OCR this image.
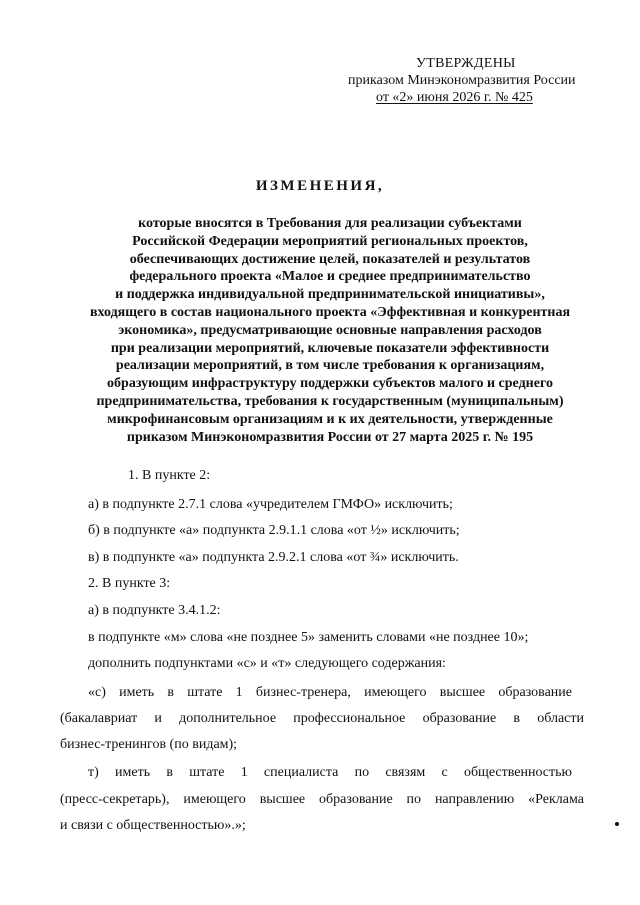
УТВЕРЖДЕНЫ
приказом Минэкономразвития России
от «2» июня 2026 г. № 425
ИЗМЕНЕНИЯ,
которые вносятся в Требования для реализации субъектами
Российской Федерации мероприятий региональных проектов,
обеспечивающих достижение целей, показателей и результатов
федерального проекта «Малое и среднее предпринимательство
и поддержка индивидуальной предпринимательской инициативы»,
входящего в состав национального проекта «Эффективная и конкурентная
экономика», предусматривающие основные направления расходов
при реализации мероприятий, ключевые показатели эффективности
реализации мероприятий, в том числе требования к организациям,
образующим инфраструктуру поддержки субъектов малого и среднего
предпринимательства, требования к государственным (муниципальным)
микрофинансовым организациям и к их деятельности, утвержденные
приказом Минэкономразвития России от 27 марта 2025 г. № 195
1. В пункте 2:
а) в подпункте 2.7.1 слова «учредителем ГМФО» исключить;
б) в подпункте «а» подпункта 2.9.1.1 слова «от ½» исключить;
в) в подпункте «а» подпункта 2.9.2.1 слова «от ¾» исключить.
2. В пункте 3:
а) в подпункте 3.4.1.2:
в подпункте «м» слова «не позднее 5» заменить словами «не позднее 10»;
дополнить подпунктами «с» и «т» следующего содержания:
«с) иметь в штате 1 бизнес-тренера, имеющего высшее образование
(бакалавриат и дополнительное профессиональное образование в области
бизнес-тренингов (по видам);
т) иметь в штате 1 специалиста по связям с общественностью
(пресс-секретарь), имеющего высшее образование по направлению «Реклама
и связи с общественностью».»;
